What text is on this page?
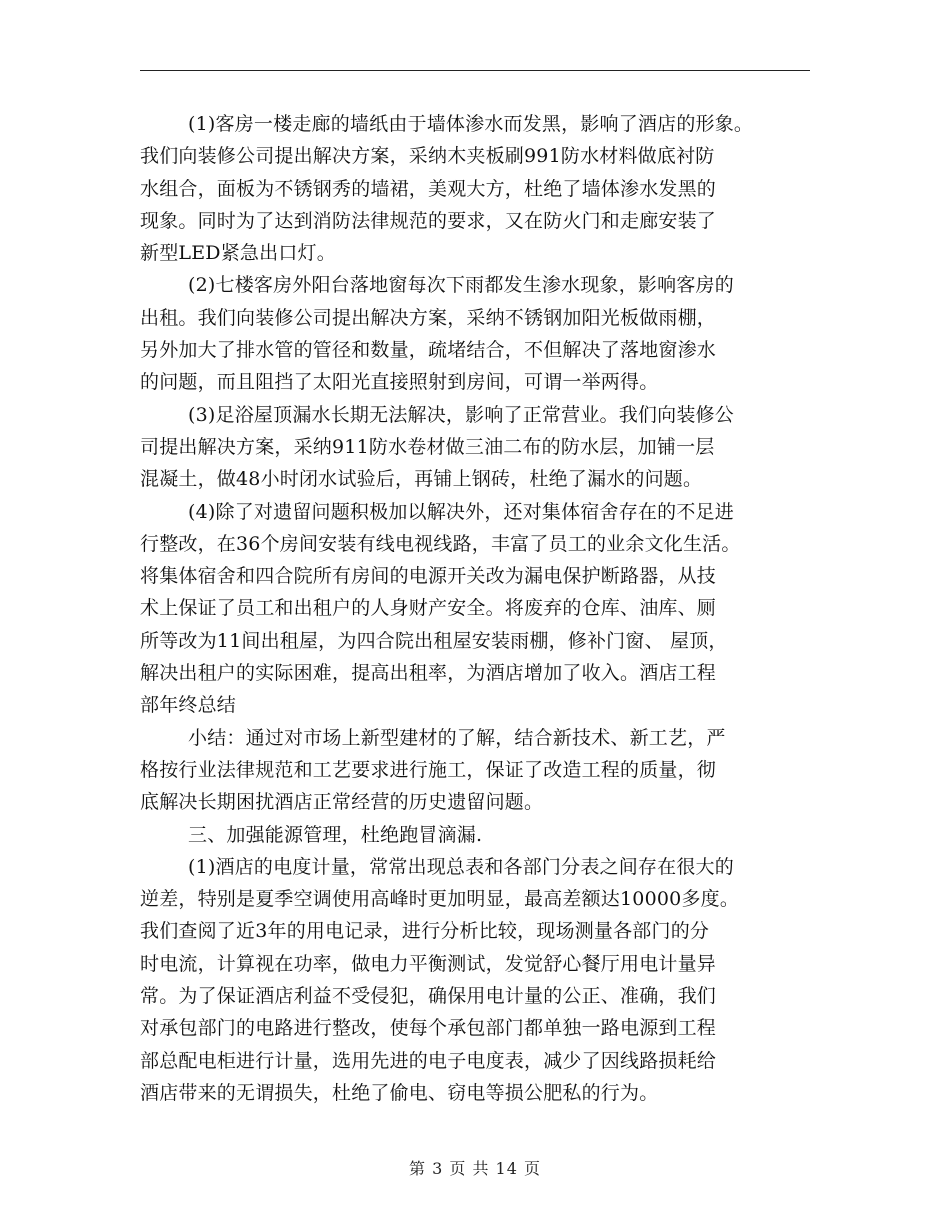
(1)客房一楼走廊的墙纸由于墙体渗水而发黑，影响了酒店的形象。
我们向装修公司提出解决方案，采纳木夹板刷991防水材料做底衬防
水组合，面板为不锈钢秀的墙裙，美观大方，杜绝了墙体渗水发黑的
现象。同时为了达到消防法律规范的要求，又在防火门和走廊安装了
新型LED紧急出口灯。
(2)七楼客房外阳台落地窗每次下雨都发生渗水现象，影响客房的
出租。我们向装修公司提出解决方案，采纳不锈钢加阳光板做雨棚，
另外加大了排水管的管径和数量，疏堵结合，不但解决了落地窗渗水
的问题，而且阻挡了太阳光直接照射到房间，可谓一举两得。
(3)足浴屋顶漏水长期无法解决，影响了正常营业。我们向装修公
司提出解决方案，采纳911防水卷材做三油二布的防水层，加铺一层
混凝土，做48小时闭水试验后，再铺上钢砖，杜绝了漏水的问题。
(4)除了对遗留问题积极加以解决外，还对集体宿舍存在的不足进
行整改，在36个房间安装有线电视线路，丰富了员工的业余文化生活。
将集体宿舍和四合院所有房间的电源开关改为漏电保护断路器，从技
术上保证了员工和出租户的人身财产安全。将废弃的仓库、油库、厕
所等改为11间出租屋，为四合院出租屋安装雨棚，修补门窗、 屋顶，
解决出租户的实际困难，提高出租率，为酒店增加了收入。酒店工程
部年终总结
小结：通过对市场上新型建材的了解，结合新技术、新工艺，严
格按行业法律规范和工艺要求进行施工，保证了改造工程的质量，彻
底解决长期困扰酒店正常经营的历史遗留问题。
三、加强能源管理，杜绝跑冒滴漏.
(1)酒店的电度计量，常常出现总表和各部门分表之间存在很大的
逆差，特别是夏季空调使用高峰时更加明显，最高差额达10000多度。
我们查阅了近3年的用电记录，进行分析比较，现场测量各部门的分
时电流，计算视在功率，做电力平衡测试，发觉舒心餐厅用电计量异
常。为了保证酒店利益不受侵犯，确保用电计量的公正、准确，我们
对承包部门的电路进行整改，使每个承包部门都单独一路电源到工程
部总配电柜进行计量，选用先进的电子电度表，减少了因线路损耗给
酒店带来的无谓损失，杜绝了偷电、窃电等损公肥私的行为。
第 3 页 共 14 页
